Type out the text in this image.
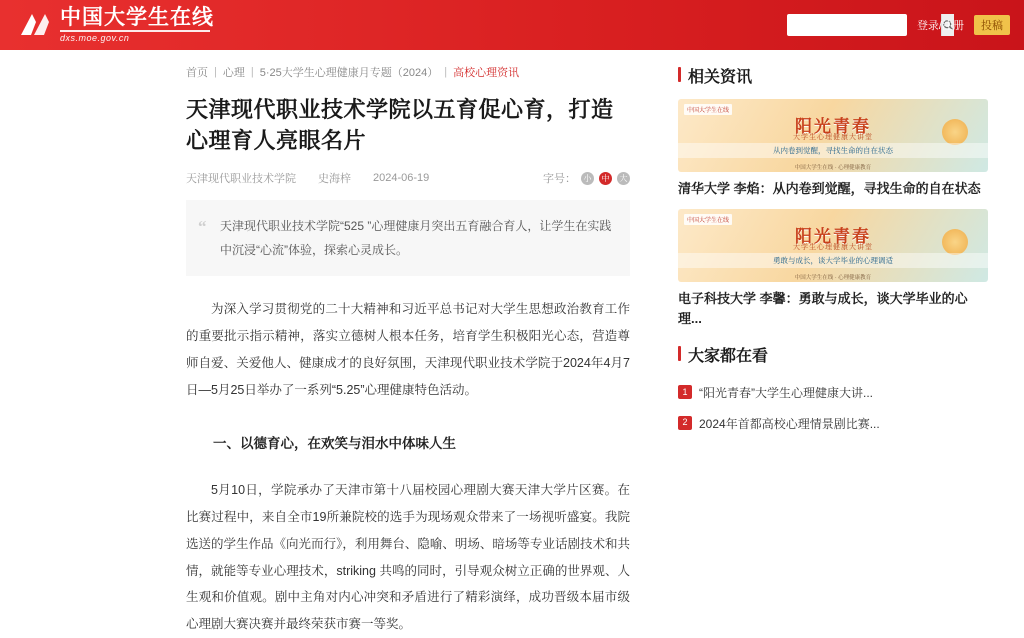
中国大学生在线
dxs.moe.gov.cn
登录/注册	投稿
首页 | 心理 | 5·25大学生心理健康月专题（2024） | 高校心理资讯
天津现代职业技术学院以五育促心育，打造心理育人亮眼名片
天津现代职业技术学院 史海梓 2024-06-19	字号： 小	中	大
“ 天津现代职业技术学院“525 ”心理健康月突出五育融合育人，让学生在实践中沉浸“心流”体验，探索心灵成长。

为深入学习贯彻党的二十大精神和习近平总书记对大学生思想政治教育工作的重要批示指示精神，落实立德树人根本任务，培育学生积极阳光心态，营造尊师自爱、关爱他人、健康成才的良好氛围，天津现代职业技术学院于2024年4月7日—5月25日举办了一系列“5.25”心理健康特色活动。

一、以德育心，在欢笑与泪水中体味人生

5月10日，学院承办了天津市第十八届校园心理剧大赛天津大学片区赛。在比赛过程中，来自全市19所兼院校的选手为现场观众带来了一场视听盛宴。我院选送的学生作品《向光而行》，利用舞台、隐喻、明场、暗场等专业话剧技术和共情，就能等专业心理技术，striking 共鸣的同时，引导观众树立正确的世界观、人生观和价值观。剧中主角对内心冲突和矛盾进行了精彩演绎，成功晋级本届市级心理剧大赛决赛并最终荣获市赛一等奖。

相关资讯
中国大学生在线
阳光青春
大学生心理健康大讲堂
从内卷到觉醒，寻找生命的自在状态
中国大学生在线 · 心理健康教育
清华大学 李焰：从内卷到觉醒，寻找生命的自在状态
中国大学生在线
阳光青春
大学生心理健康大讲堂
勇敢与成长，谈大学毕业的心理调适
中国大学生在线 · 心理健康教育
电子科技大学 李馨：勇敢与成长，谈大学毕业的心理...
大家都在看
1 “阳光青春”大学生心理健康大讲...
2 2024年首都高校心理情景剧比赛...
